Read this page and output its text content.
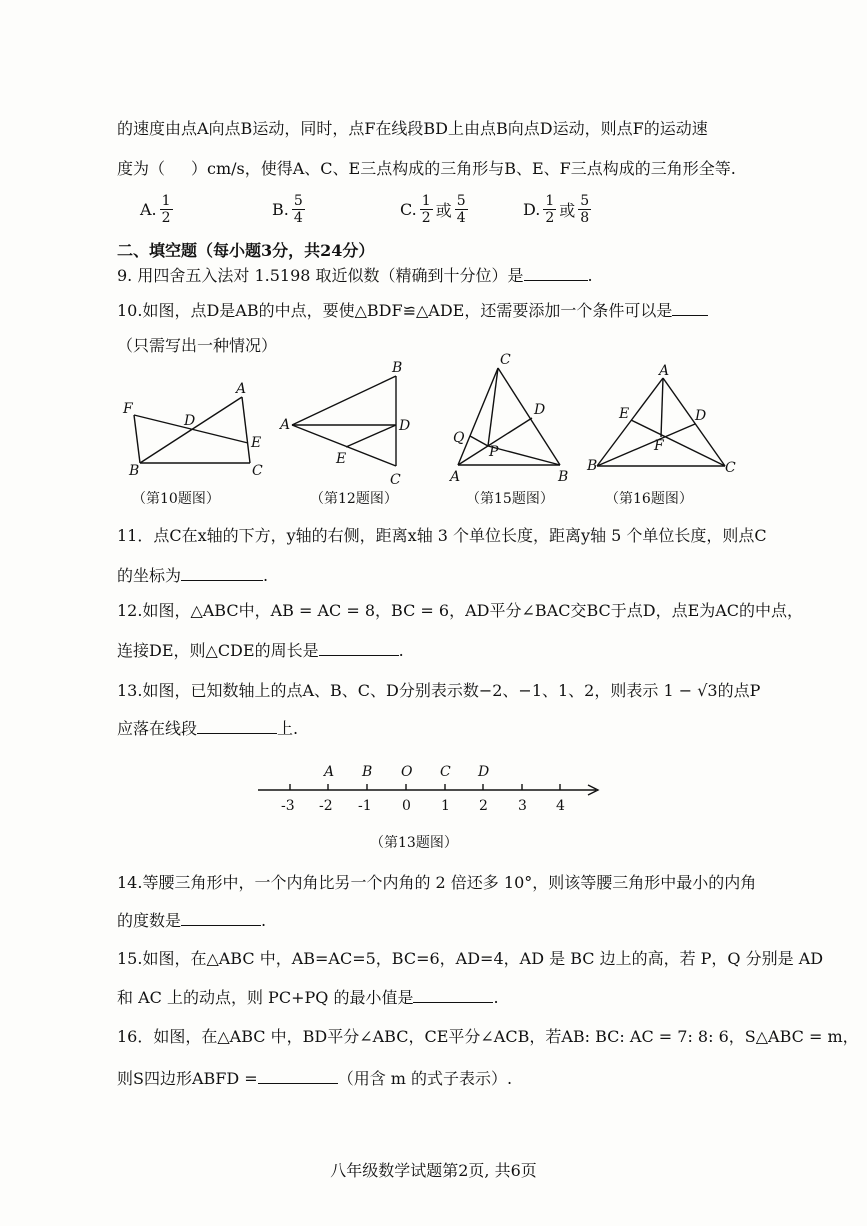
的速度由点A向点B运动，同时，点F在线段BD上由点B向点D运动，则点F的运动速
度为（ ）cm/s，使得A、C、E三点构成的三角形与B、E、F三点构成的三角形全等.
A. $\frac{1}{2}$	B. $\frac{5}{4}$	C. $\frac{1}{2}$ 或 $\frac{5}{4}$	D. $\frac{1}{2}$ 或 $\frac{5}{8}$
二、填空题（每小题3分，共24分）
9. 用四舍五入法对 1.5198 取近似数（精确到十分位）是	.
10.如图，点D是AB的中点，要使△BDF≌△ADE，还需要添加一个条件可以是
（只需写出一种情况）
F
D
A
B
E
C
（第10题图）
B
A	D
E
C
（第12题图）
C
D
Q
P
A	B
（第15题图）
A
E	D
F
B	C
（第16题图）
11．点C在x轴的下方，y轴的右侧，距离x轴 3 个单位长度，距离y轴 5 个单位长度，则点C
的坐标为	.
12.如图，△ABC中，AB = AC = 8，BC = 6，AD平分∠BAC交BC于点D，点E为AC的中点，
连接DE，则△CDE的周长是	.
13.如图，已知数轴上的点A、B、C、D分别表示数−2、−1、1、2，则表示 1 − √3的点P
应落在线段	上.
A B O C D
-3 -2 -1 0 1 2 3 4
（第13题图）
14.等腰三角形中，一个内角比另一个内角的 2 倍还多 10°，则该等腰三角形中最小的内角
的度数是	.
15.如图，在△ABC 中，AB=AC=5，BC=6，AD=4，AD 是 BC 边上的高，若 P，Q 分别是 AD
和 AC 上的动点，则 PC+PQ 的最小值是	.
16．如图，在△ABC 中，BD平分∠ABC，CE平分∠ACB，若AB: BC: AC = 7: 8: 6，S△ABC = m，
则S四边形ABFD =	（用含 m 的式子表示）.
八年级数学试题第2页, 共6页
